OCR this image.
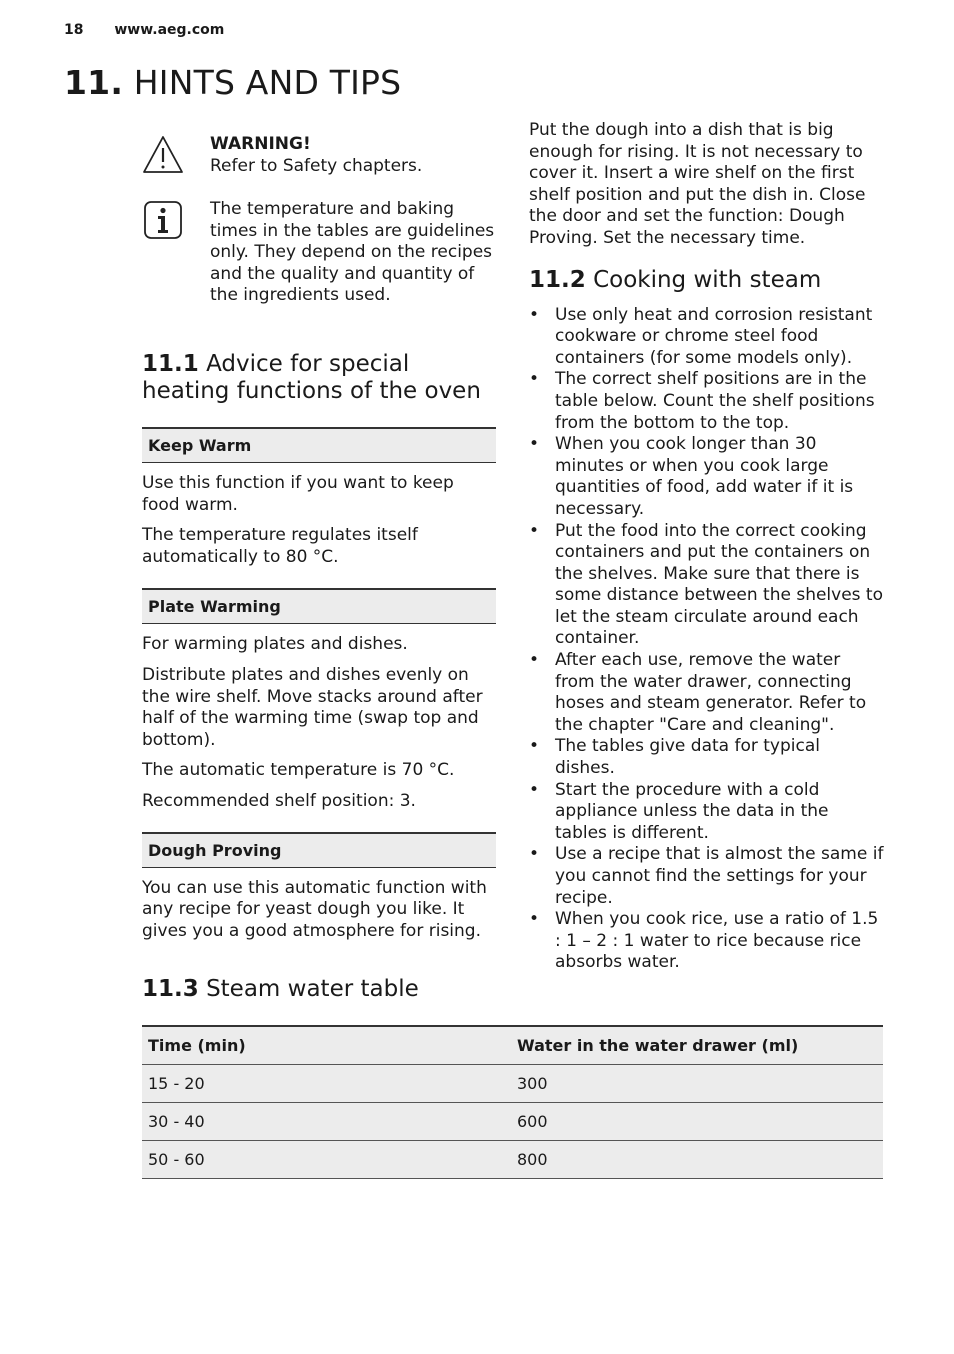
18 www.aeg.com
11. HINTS AND TIPS
WARNING!
Refer to Safety chapters.
The temperature and baking times in the tables are guidelines only. They depend on the recipes and the quality and quantity of the ingredients used.
11.1 Advice for special heating functions of the oven
Keep Warm

Use this function if you want to keep food warm.

The temperature regulates itself automatically to 80 °C.

Plate Warming

For warming plates and dishes.

Distribute plates and dishes evenly on the wire shelf. Move stacks around after half of the warming time (swap top and bottom).

The automatic temperature is 70 °C.

Recommended shelf position: 3.

Dough Proving

You can use this automatic function with any recipe for yeast dough you like. It gives you a good atmosphere for rising.

Put the dough into a dish that is big enough for rising. It is not necessary to cover it. Insert a wire shelf on the first shelf position and put the dish in. Close the door and set the function: Dough Proving. Set the necessary time.

11.2 Cooking with steam
• Use only heat and corrosion resistant cookware or chrome steel food containers (for some models only).
• The correct shelf positions are in the table below. Count the shelf positions from the bottom to the top.
• When you cook longer than 30 minutes or when you cook large quantities of food, add water if it is necessary.
• Put the food into the correct cooking containers and put the containers on the shelves. Make sure that there is some distance between the shelves to let the steam circulate around each container.
• After each use, remove the water from the water drawer, connecting hoses and steam generator. Refer to the chapter "Care and cleaning".
• The tables give data for typical dishes.
• Start the procedure with a cold appliance unless the data in the tables is different.
• Use a recipe that is almost the same if you cannot find the settings for your recipe.
• When you cook rice, use a ratio of 1.5 : 1 – 2 : 1 water to rice because rice absorbs water.
11.3 Steam water table
Time (min)	Water in the water drawer (ml)
15 - 20	300
30 - 40	600
50 - 60	800
